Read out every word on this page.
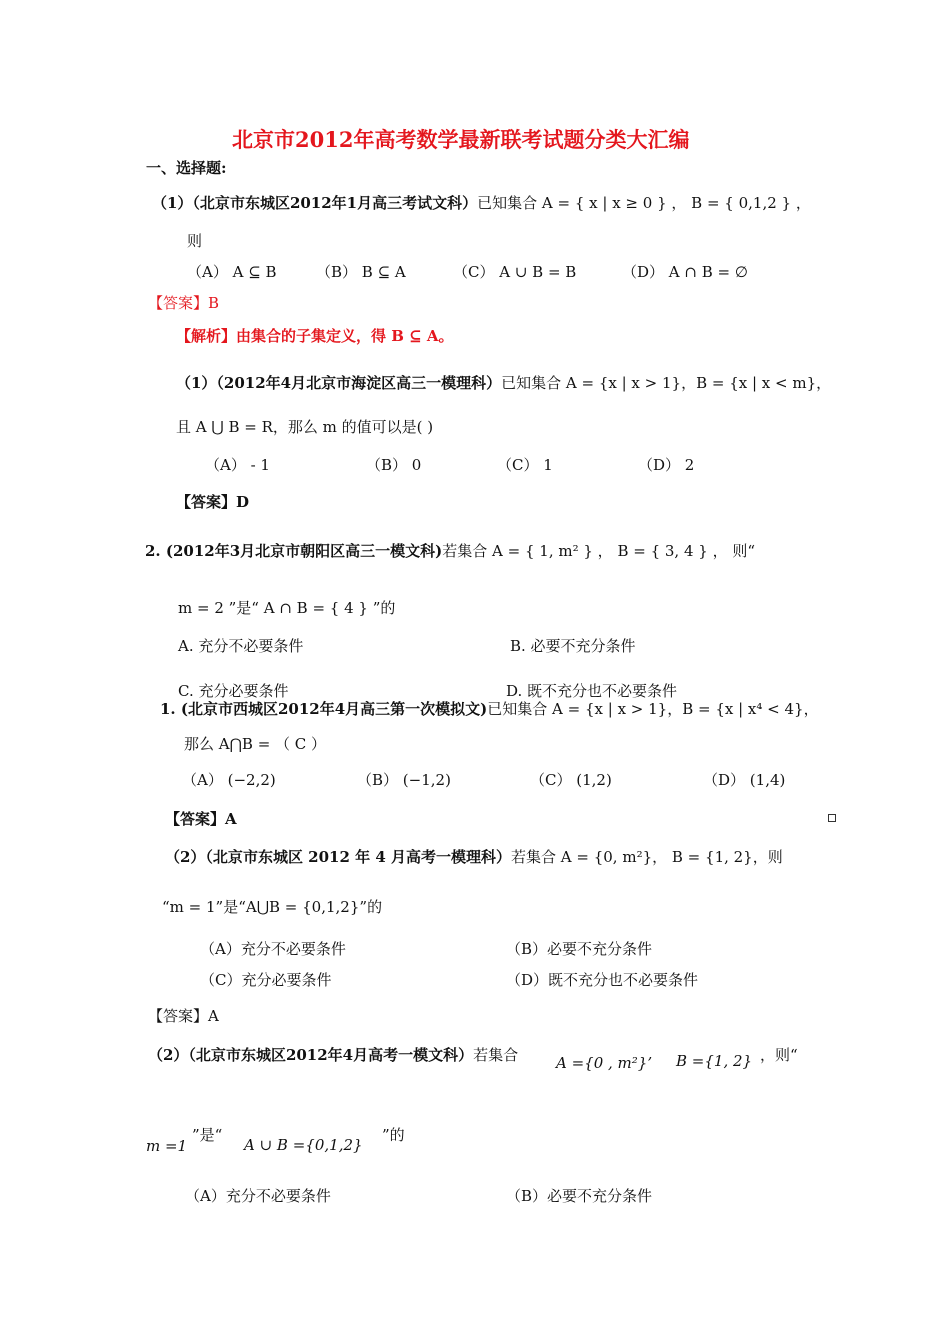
北京市2012年高考数学最新联考试题分类大汇编
一、选择题:
（1）（北京市东城区2012年1月高三考试文科）已知集合 A = { x | x ≥ 0 } ， B = { 0,1,2 } ，
则
（A） A ⊆ B	（B） B ⊆ A	（C） A ∪ B = B	（D） A ∩ B = ∅
【答案】B
【解析】由集合的子集定义，得 B ⊆ A。
（1）（2012年4月北京市海淀区高三一模理科）已知集合 A = {x | x > 1}，B = {x | x < m}，
且 A ⋃ B = R，那么 m 的值可以是( )
（A） - 1	（B） 0	（C） 1	（D） 2
【答案】D
2. (2012年3月北京市朝阳区高三一模文科)若集合 A = { 1, m² } ， B = { 3, 4 } ， 则“
m = 2 ”是“ A ∩ B = { 4 } ”的
A. 充分不必要条件	B. 必要不充分条件
C. 充分必要条件	D. 既不充分也不必要条件
1. (北京市西城区2012年4月高三第一次模拟文)已知集合 A = {x | x > 1}，B = {x | x⁴ < 4}，
那么 A⋂B = （ C ）
（A） (−2,2)	（B） (−1,2)	（C） (1,2)	（D） (1,4)
【答案】A
（2）（北京市东城区 2012 年 4 月高考一模理科）若集合 A = {0, m²}， B = {1, 2}，则
“m = 1”是“A⋃B = {0,1,2}”的
（A）充分不必要条件	（B）必要不充分条件
（C）充分必要条件	（D）既不充分也不必要条件
【答案】A
（2）（北京市东城区2012年4月高考一模文科）若集合	A ={0 , m²}’ B ={1, 2} ，则“
m =1
”是“
A ∪ B ={0,1,2}
”的
（A）充分不必要条件	（B）必要不充分条件
